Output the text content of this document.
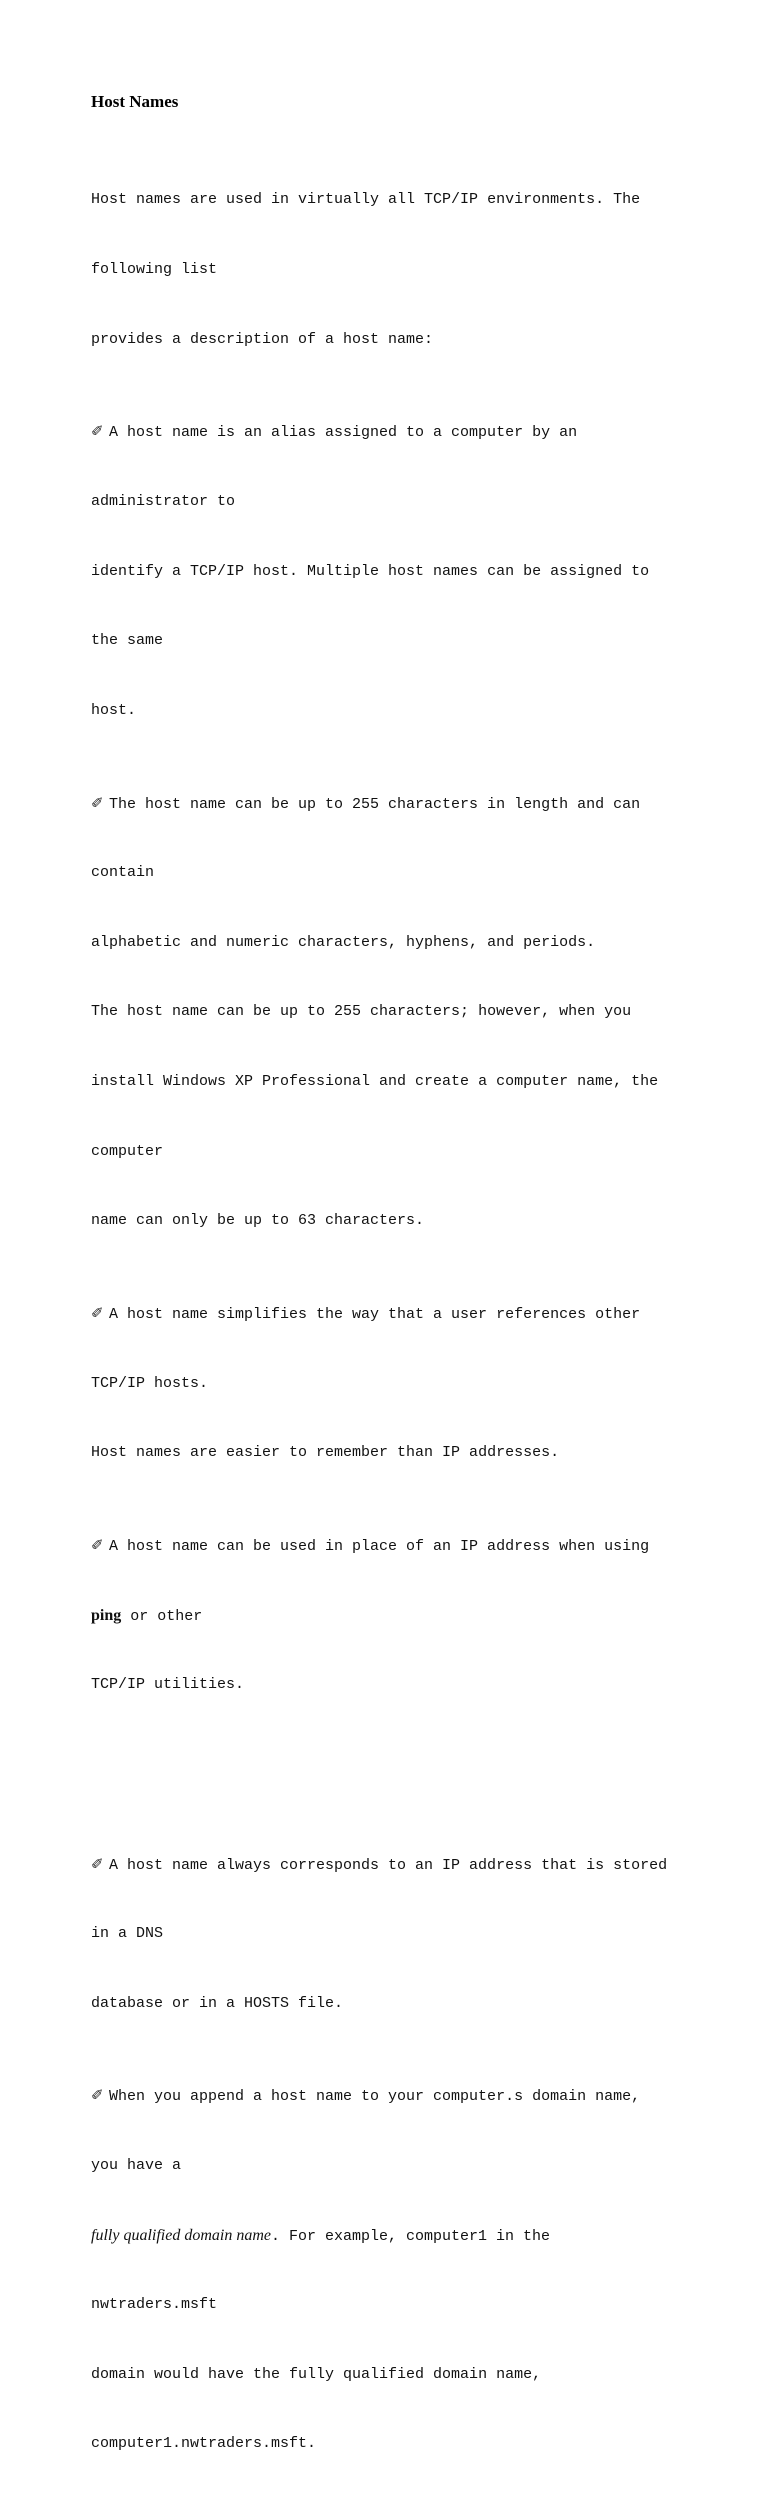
Host Names

Host names are used in virtually all TCP/IP environments. The

following list

provides a description of a host name:

✐ A host name is an alias assigned to a computer by an

administrator to

identify a TCP/IP host. Multiple host names can be assigned to

the same

host.

✐ The host name can be up to 255 characters in length and can

contain

alphabetic and numeric characters, hyphens, and periods.

The host name can be up to 255 characters; however, when you

install Windows XP Professional and create a computer name, the

computer

name can only be up to 63 characters.

✐ A host name simplifies the way that a user references other

TCP/IP hosts.

Host names are easier to remember than IP addresses.

✐ A host name can be used in place of an IP address when using

ping or other

TCP/IP utilities.

✐ A host name always corresponds to an IP address that is stored

in a DNS

database or in a HOSTS file.

✐ When you append a host name to your computer.s domain name,

you have a

fully qualified domain name. For example, computer1 in the

nwtraders.msft

domain would have the fully qualified domain name,

computer1.nwtraders.msft.
